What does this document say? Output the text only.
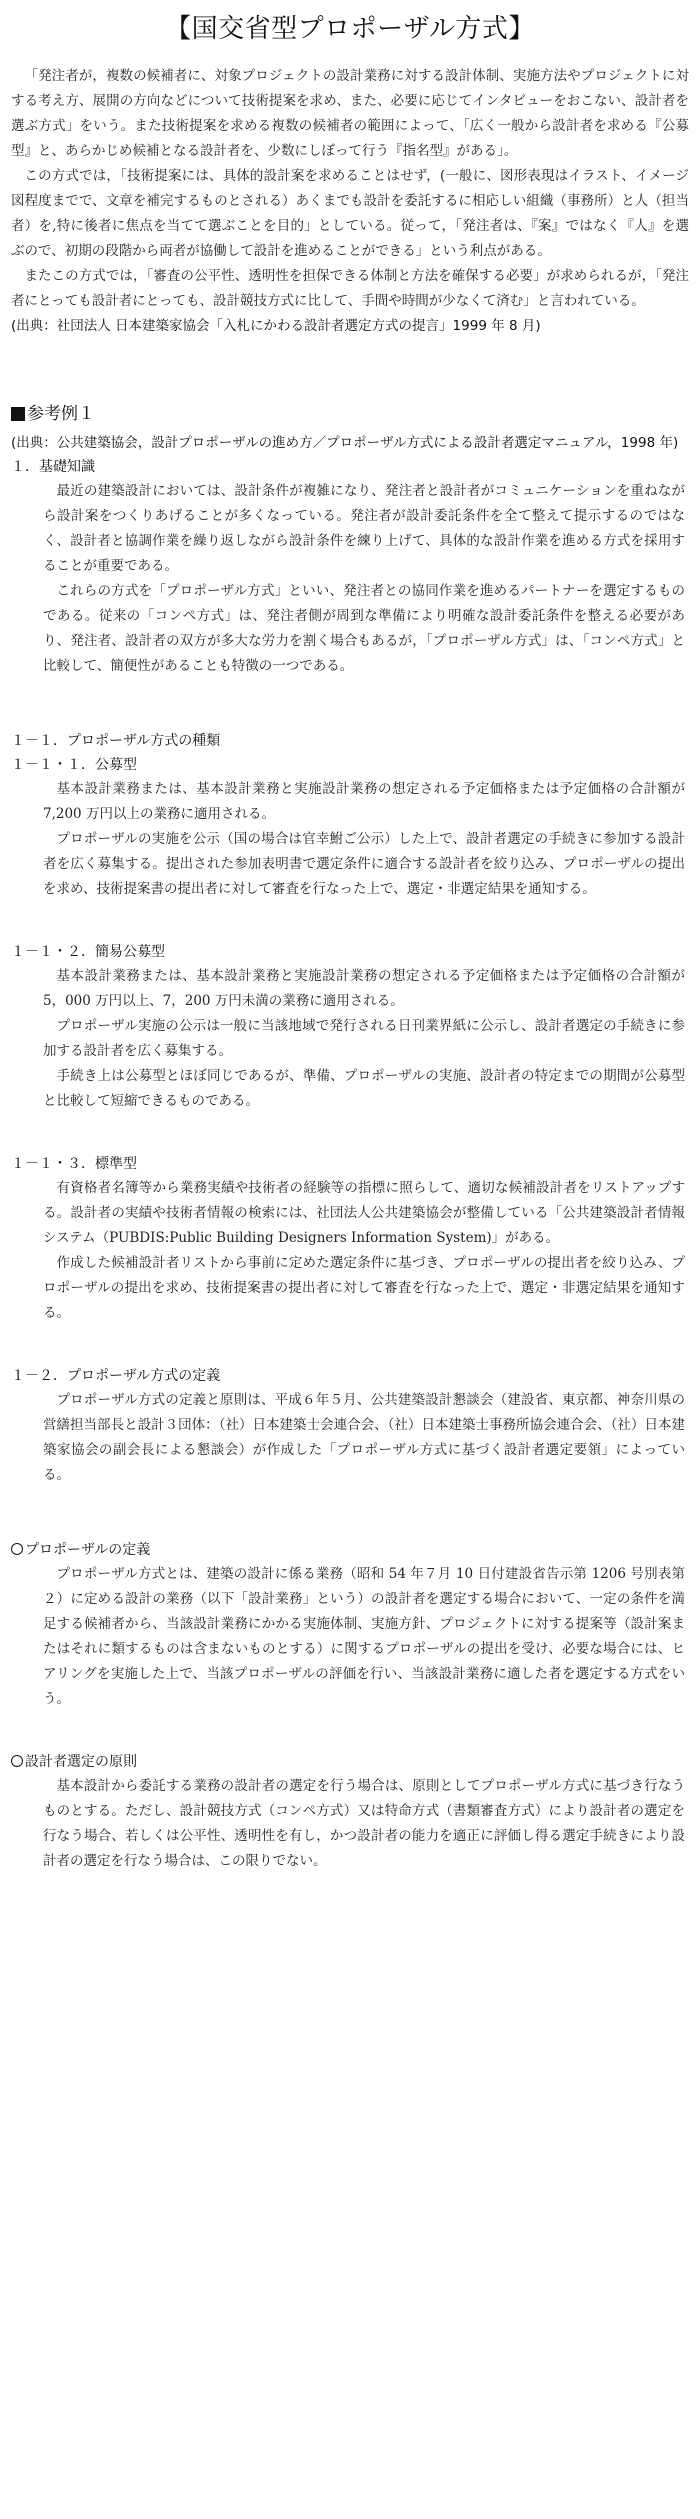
【国交省型プロポーザル方式】

「発注者が，複数の候補者に、対象プロジェクトの設計業務に対する設計体制、実施方法やプロジェクトに対する考え方、展開の方向などについて技術提案を求め、また、必要に応じてインタビューをおこない、設計者を選ぶ方式」をいう。また技術提案を求める複数の候補者の範囲によって、「広く一般から設計者を求める『公募型』と、あらかじめ候補となる設計者を、少数にしぼって行う『指名型』がある」。

この方式では，「技術提案には、具体的設計案を求めることはせず，(一般に、図形表現はイラスト、イメージ図程度までで、文章を補完するものとされる）あくまでも設計を委託するに相応しい組織（事務所）と人（担当者）を,特に後者に焦点を当てて選ぶことを目的」としている。従って，「発注者は、『案』ではなく『人』を選ぶので、初期の段階から両者が協働して設計を進めることができる」という利点がある。

またこの方式では，「審査の公平性、透明性を担保できる体制と方法を確保する必要」が求められるが，「発注者にとっても設計者にとっても、設計競技方式に比して、手間や時間が少なくて済む」と言われている。

(出典：社団法人 日本建築家協会「入札にかわる設計者選定方式の提言」1999 年 8 月)

参考例１

(出典：公共建築協会，設計プロポーザルの進め方／プロポーザル方式による設計者選定マニュアル，1998 年)

１．基礎知識

最近の建築設計においては、設計条件が複雑になり、発注者と設計者がコミュニケーションを重ねながら設計案をつくりあげることが多くなっている。発注者が設計委託条件を全て整えて提示するのではなく、設計者と協調作業を繰り返しながら設計条件を練り上げて、具体的な設計作業を進める方式を採用することが重要である。

これらの方式を「プロポーザル方式」といい、発注者との協同作業を進めるパートナーを選定するものである。従来の「コンペ方式」は、発注者側が周到な準備により明確な設計委託条件を整える必要があり、発注者、設計者の双方が多大な労力を割く場合もあるが，「プロポーザル方式」は、「コンペ方式」と比較して、簡便性があることも特徴の一つである。

１－１．プロポーザル方式の種類

１－１・１．公募型

基本設計業務または、基本設計業務と実施設計業務の想定される予定価格または予定価格の合計額が7,200 万円以上の業務に適用される。

プロポーザルの実施を公示（国の場合は官幸鮒ご公示）した上で、設計者選定の手続きに参加する設計者を広く募集する。提出された参加表明書で選定条件に適合する設計者を絞り込み、プロポーザルの提出を求め、技術提案書の提出者に対して審査を行なった上で、選定・非選定結果を通知する。

１－１・２．簡易公募型

基本設計業務または、基本設計業務と実施設計業務の想定される予定価格または予定価格の合計額が5，000 万円以上、7，200 万円未満の業務に適用される。

プロポーザル実施の公示は一般に当該地域で発行される日刊業界紙に公示し、設計者選定の手続きに参加する設計者を広く募集する。

手続き上は公募型とほぼ同じであるが、準備、プロポーザルの実施、設計者の特定までの期間が公募型と比較して短縮できるものである。

１－１・３．標準型

有資格者名簿等から業務実績や技術者の経験等の指標に照らして、適切な候補設計者をリストアップする。設計者の実績や技術者情報の検索には、社団法人公共建築協会が整備している「公共建築設計者情報システム（PUBDIS:Public Building Designers Information System)」がある。

作成した候補設計者リストから事前に定めた選定条件に基づき、プロポーザルの提出者を絞り込み、プロポーザルの提出を求め、技術提案書の提出者に対して審査を行なった上で、選定・非選定結果を通知する。

１－２．プロポーザル方式の定義

プロポーザル方式の定義と原則は、平成６年５月、公共建築設計懇談会（建設省、東京都、神奈川県の営繕担当部長と設計３団体：（社）日本建築士会連合会、（社）日本建築士事務所協会連合会、（社）日本建築家協会の副会長による懇談会）が作成した「プロポーザル方式に基づく設計者選定要領」によっている。

プロポーザルの定義

プロポーザル方式とは、建築の設計に係る業務（昭和 54 年７月 10 日付建設省告示第 1206 号別表第２）に定める設計の業務（以下「設計業務」という）の設計者を選定する場合において、一定の条件を満足する候補者から、当該設計業務にかかる実施体制、実施方針、プロジェクトに対する提案等（設計案またはそれに類するものは含まないものとする）に関するプロポーザルの提出を受け、必要な場合には、ヒアリングを実施した上で、当該プロポーザルの評価を行い、当該設計業務に適した者を選定する方式をいう。

設計者選定の原則

基本設計から委託する業務の設計者の選定を行う場合は、原則としてプロポーザル方式に基づき行なうものとする。ただし、設計競技方式（コンペ方式）又は特命方式（書類審査方式）により設計者の選定を行なう場合、若しくは公平性、透明性を有し，かつ設計者の能力を適正に評価し得る選定手続きにより設計者の選定を行なう場合は、この限りでない。
